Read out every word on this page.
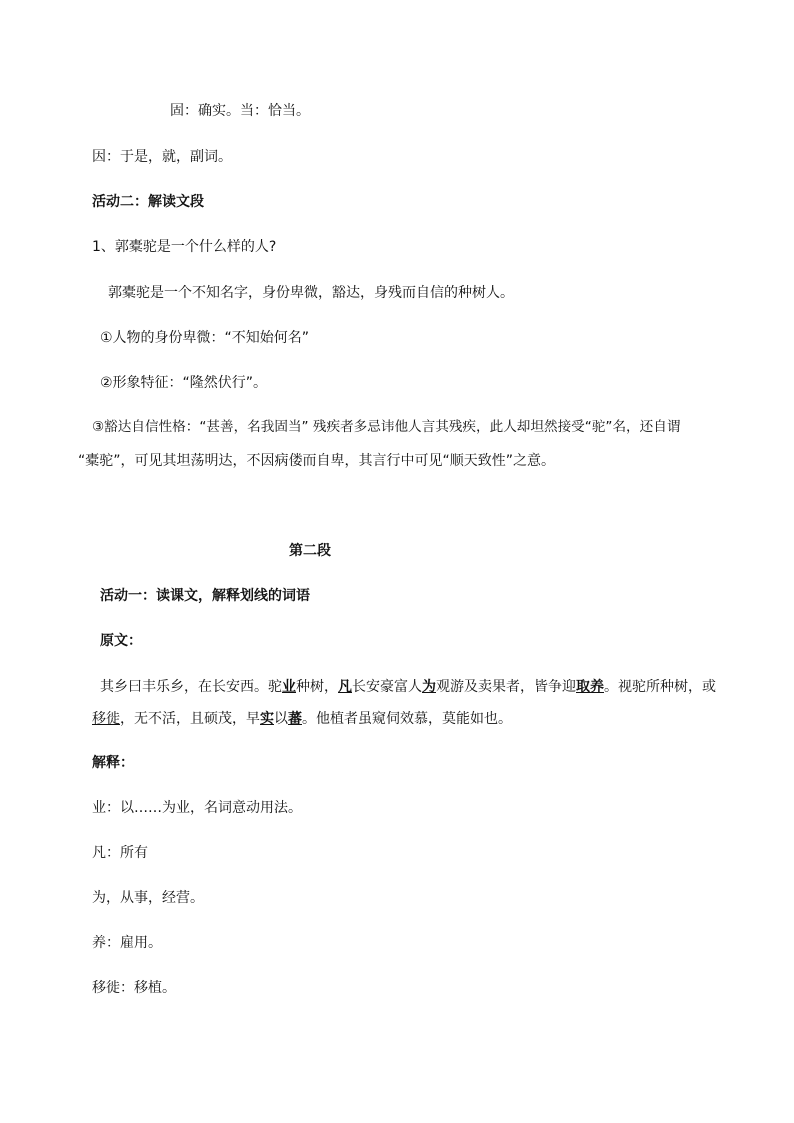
固：确实。当：恰当。
因：于是，就，副词。
活动二：解读文段
1、郭橐驼是一个什么样的人?
郭橐驼是一个不知名字，身份卑微，豁达，身残而自信的种树人。
①人物的身份卑微：“不知始何名”
②形象特征：“隆然伏行”。
③豁达自信性格：“甚善，名我固当” 残疾者多忌讳他人言其残疾，此人却坦然接受“驼”名，还自谓
“橐驼”，可见其坦荡明达，不因病偻而自卑，其言行中可见“顺天致性”之意。
第二段
活动一：读课文，解释划线的词语
原文：
其乡曰丰乐乡，在长安西。驼业种树，凡长安豪富人为观游及卖果者，皆争迎取养。视驼所种树，或
移徙，无不活，且硕茂，早实以蕃。他植者虽窥伺效慕，莫能如也。
解释：
业：以……为业，名词意动用法。
凡：所有
为，从事，经营。
养：雇用。
移徙：移植。
